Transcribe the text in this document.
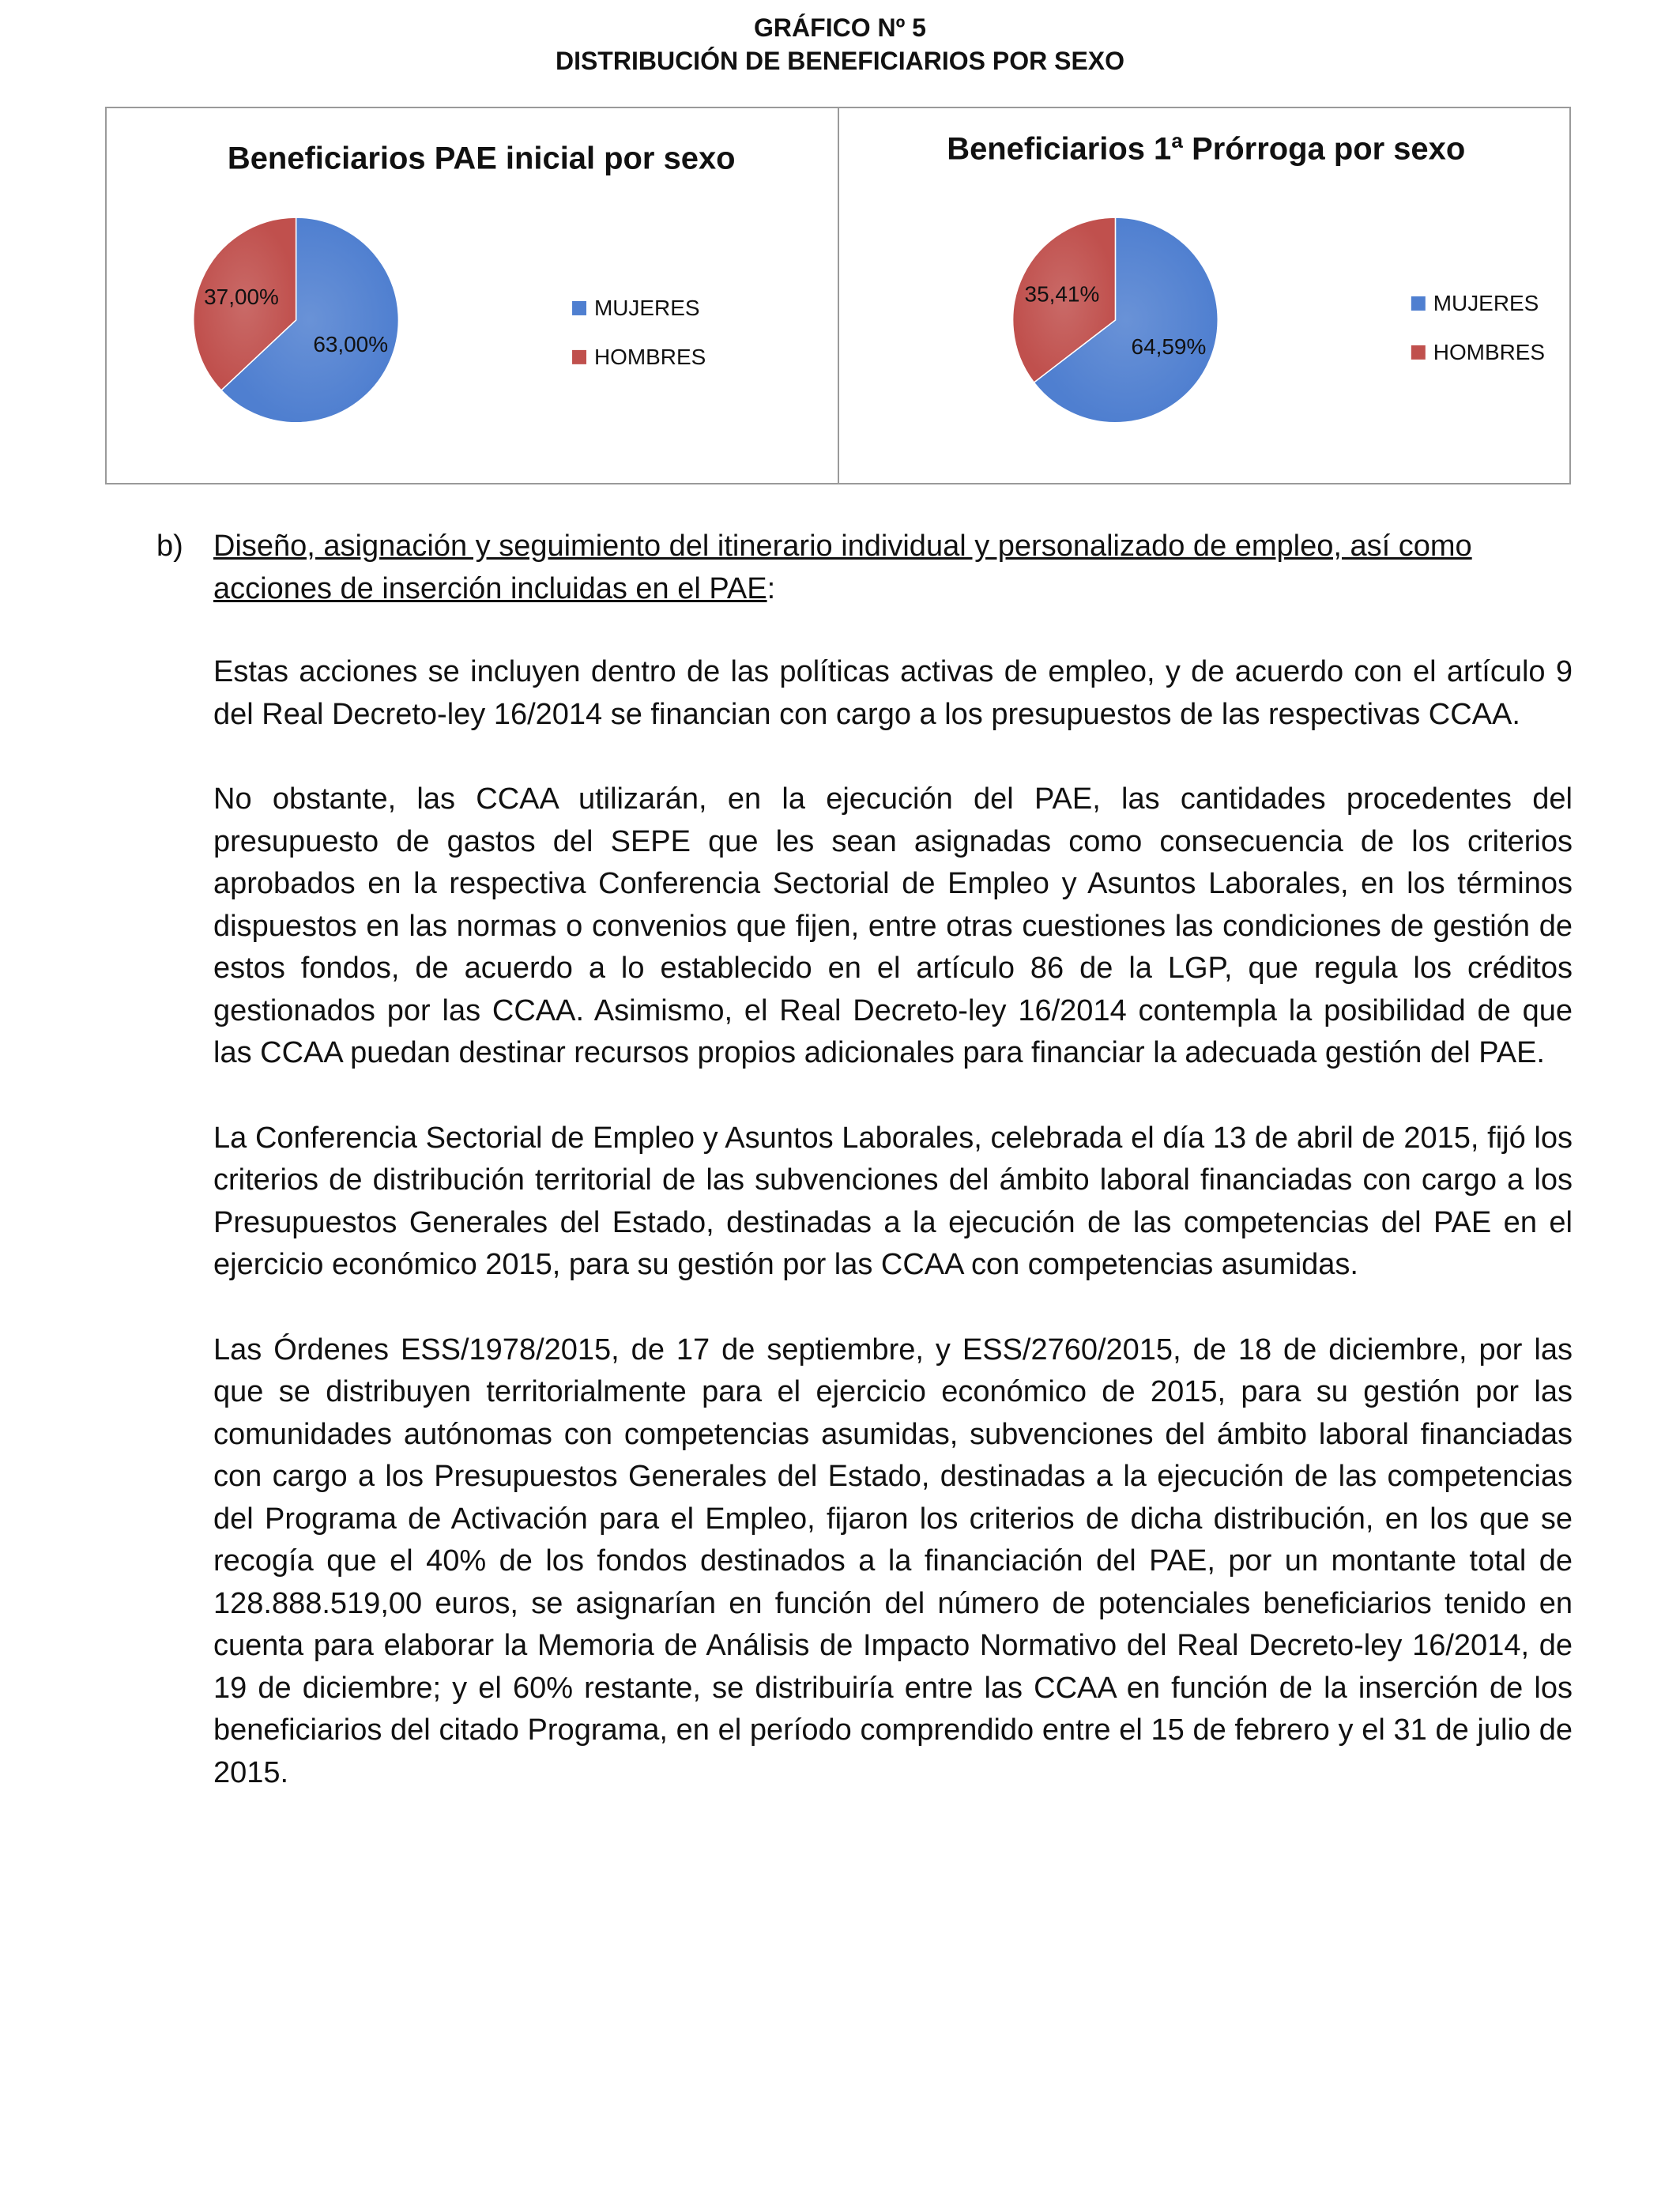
GRÁFICO Nº 5
DISTRIBUCIÓN DE BENEFICIARIOS POR SEXO
Beneficiarios PAE inicial por sexo
63,00%
37,00%	MUJERES
HOMBRES
Beneficiarios 1ª Prórroga por sexo
64,59%
35,41%	MUJERES
HOMBRES
b) Diseño, asignación y seguimiento del itinerario individual y personalizado de empleo, así como acciones de inserción incluidas en el PAE:

Estas acciones se incluyen dentro de las políticas activas de empleo, y de acuerdo con el artículo 9 del Real Decreto-ley 16/2014 se financian con cargo a los presupuestos de las respectivas CCAA.

No obstante, las CCAA utilizarán, en la ejecución del PAE, las cantidades procedentes del presupuesto de gastos del SEPE que les sean asignadas como consecuencia de los criterios aprobados en la respectiva Conferencia Sectorial de Empleo y Asuntos Laborales, en los términos dispuestos en las normas o convenios que fijen, entre otras cuestiones las condiciones de gestión de estos fondos, de acuerdo a lo establecido en el artículo 86 de la LGP, que regula los créditos gestionados por las CCAA. Asimismo, el Real Decreto-ley 16/2014 contempla la posibilidad de que las CCAA puedan destinar recursos propios adicionales para financiar la adecuada gestión del PAE.

La Conferencia Sectorial de Empleo y Asuntos Laborales, celebrada el día 13 de abril de 2015, fijó los criterios de distribución territorial de las subvenciones del ámbito laboral financiadas con cargo a los Presupuestos Generales del Estado, destinadas a la ejecución de las competencias del PAE en el ejercicio económico 2015, para su gestión por las CCAA con competencias asumidas.

Las Órdenes ESS/1978/2015, de 17 de septiembre, y ESS/2760/2015, de 18 de diciembre, por las que se distribuyen territorialmente para el ejercicio económico de 2015, para su gestión por las comunidades autónomas con competencias asumidas, subvenciones del ámbito laboral financiadas con cargo a los Presupuestos Generales del Estado, destinadas a la ejecución de las competencias del Programa de Activación para el Empleo, fijaron los criterios de dicha distribución, en los que se recogía que el 40% de los fondos destinados a la financiación del PAE, por un montante total de 128.888.519,00 euros, se asignarían en función del número de potenciales beneficiarios tenido en cuenta para elaborar la Memoria de Análisis de Impacto Normativo del Real Decreto-ley 16/2014, de 19 de diciembre; y el 60% restante, se distribuiría entre las CCAA en función de la inserción de los beneficiarios del citado Programa, en el período comprendido entre el 15 de febrero y el 31 de julio de 2015.
